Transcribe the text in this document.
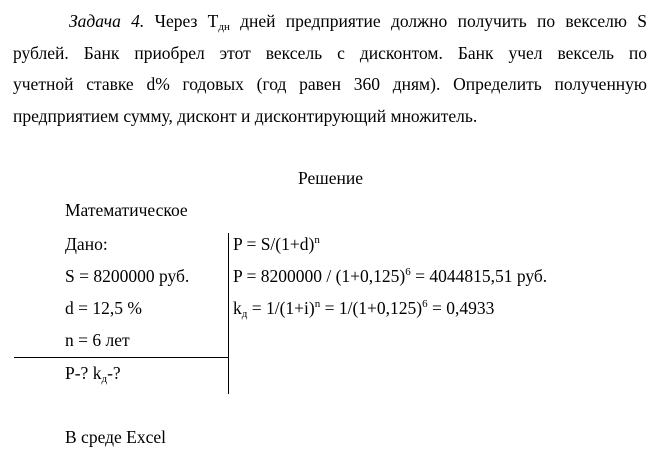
Задача 4. Через $Т_{дн}$ дней предприятие должно получить по векселю S
рублей. Банк приобрел этот вексель с дисконтом. Банк учел вексель по
учетной ставке d% годовых (год равен 360 дням). Определить полученную
предприятием сумму, дисконт и дисконтирующий множитель.
Решение
Математическое
Дано:
S = 8200000 руб.
d = 12,5 %
n = 6 лет
P-? $k_д-$?
$P = S/(1+d)^n$
$P = 8200000 / (1+0,125)^6 = 4044815,51$ руб.
$k_д = 1/(1+i)^n = 1/(1+0,125)^6 = 0,4933$
В среде Excel
